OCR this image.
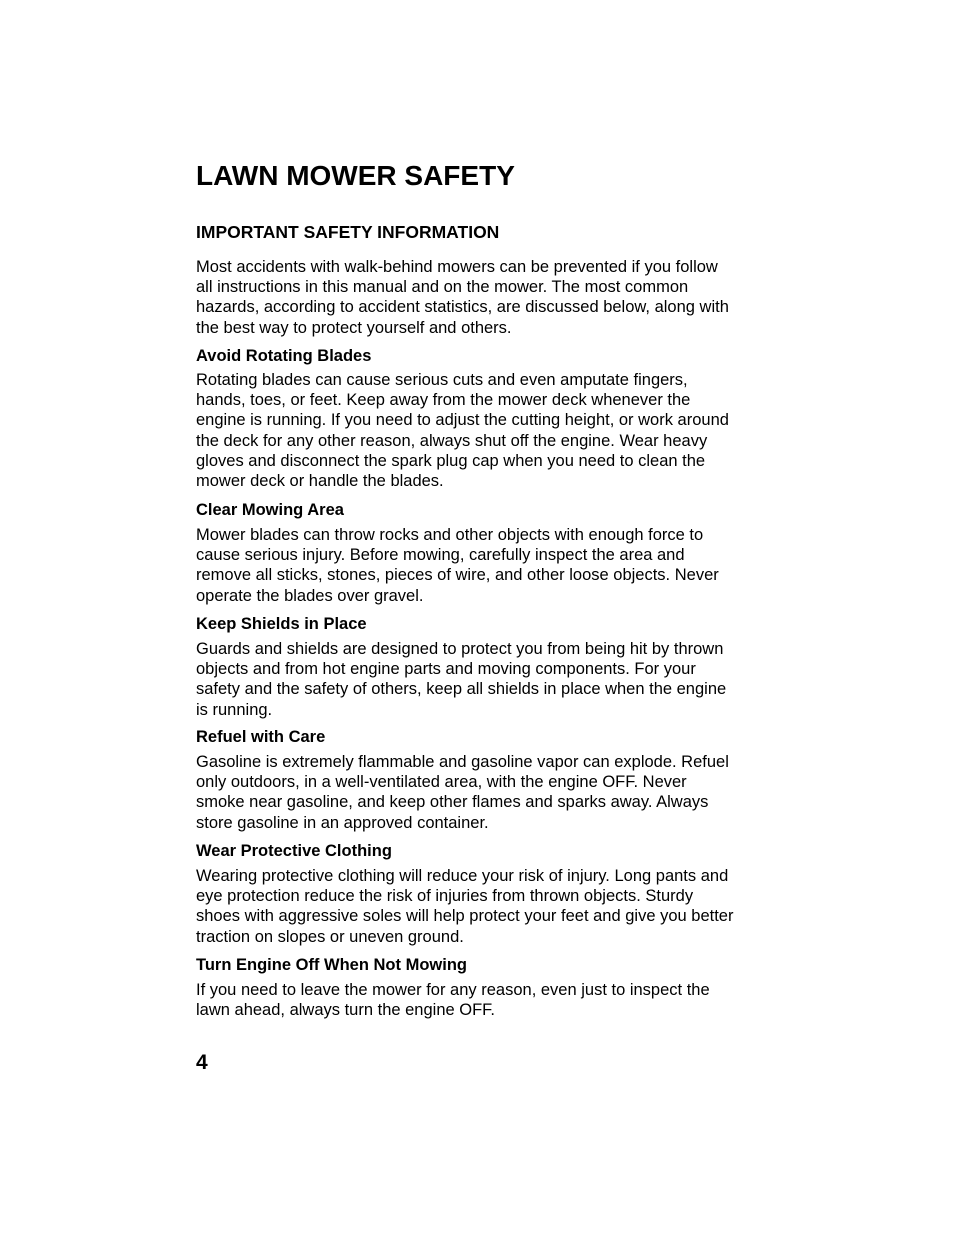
LAWN MOWER SAFETY
IMPORTANT SAFETY INFORMATION

Most accidents with walk-behind mowers can be prevented if you follow all instructions in this manual and on the mower. The most common hazards, according to accident statistics, are discussed below, along with the best way to protect yourself and others.

Avoid Rotating Blades

Rotating blades can cause serious cuts and even amputate fingers, hands, toes, or feet. Keep away from the mower deck whenever the engine is running. If you need to adjust the cutting height, or work around the deck for any other reason, always shut off the engine. Wear heavy gloves and disconnect the spark plug cap when you need to clean the mower deck or handle the blades.

Clear Mowing Area

Mower blades can throw rocks and other objects with enough force to cause serious injury. Before mowing, carefully inspect the area and remove all sticks, stones, pieces of wire, and other loose objects. Never operate the blades over gravel.

Keep Shields in Place

Guards and shields are designed to protect you from being hit by thrown objects and from hot engine parts and moving components. For your safety and the safety of others, keep all shields in place when the engine is running.

Refuel with Care

Gasoline is extremely flammable and gasoline vapor can explode. Refuel only outdoors, in a well-ventilated area, with the engine OFF. Never smoke near gasoline, and keep other flames and sparks away. Always store gasoline in an approved container.

Wear Protective Clothing

Wearing protective clothing will reduce your risk of injury. Long pants and eye protection reduce the risk of injuries from thrown objects. Sturdy shoes with aggressive soles will help protect your feet and give you better traction on slopes or uneven ground.

Turn Engine Off When Not Mowing

If you need to leave the mower for any reason, even just to inspect the lawn ahead, always turn the engine OFF.

4
